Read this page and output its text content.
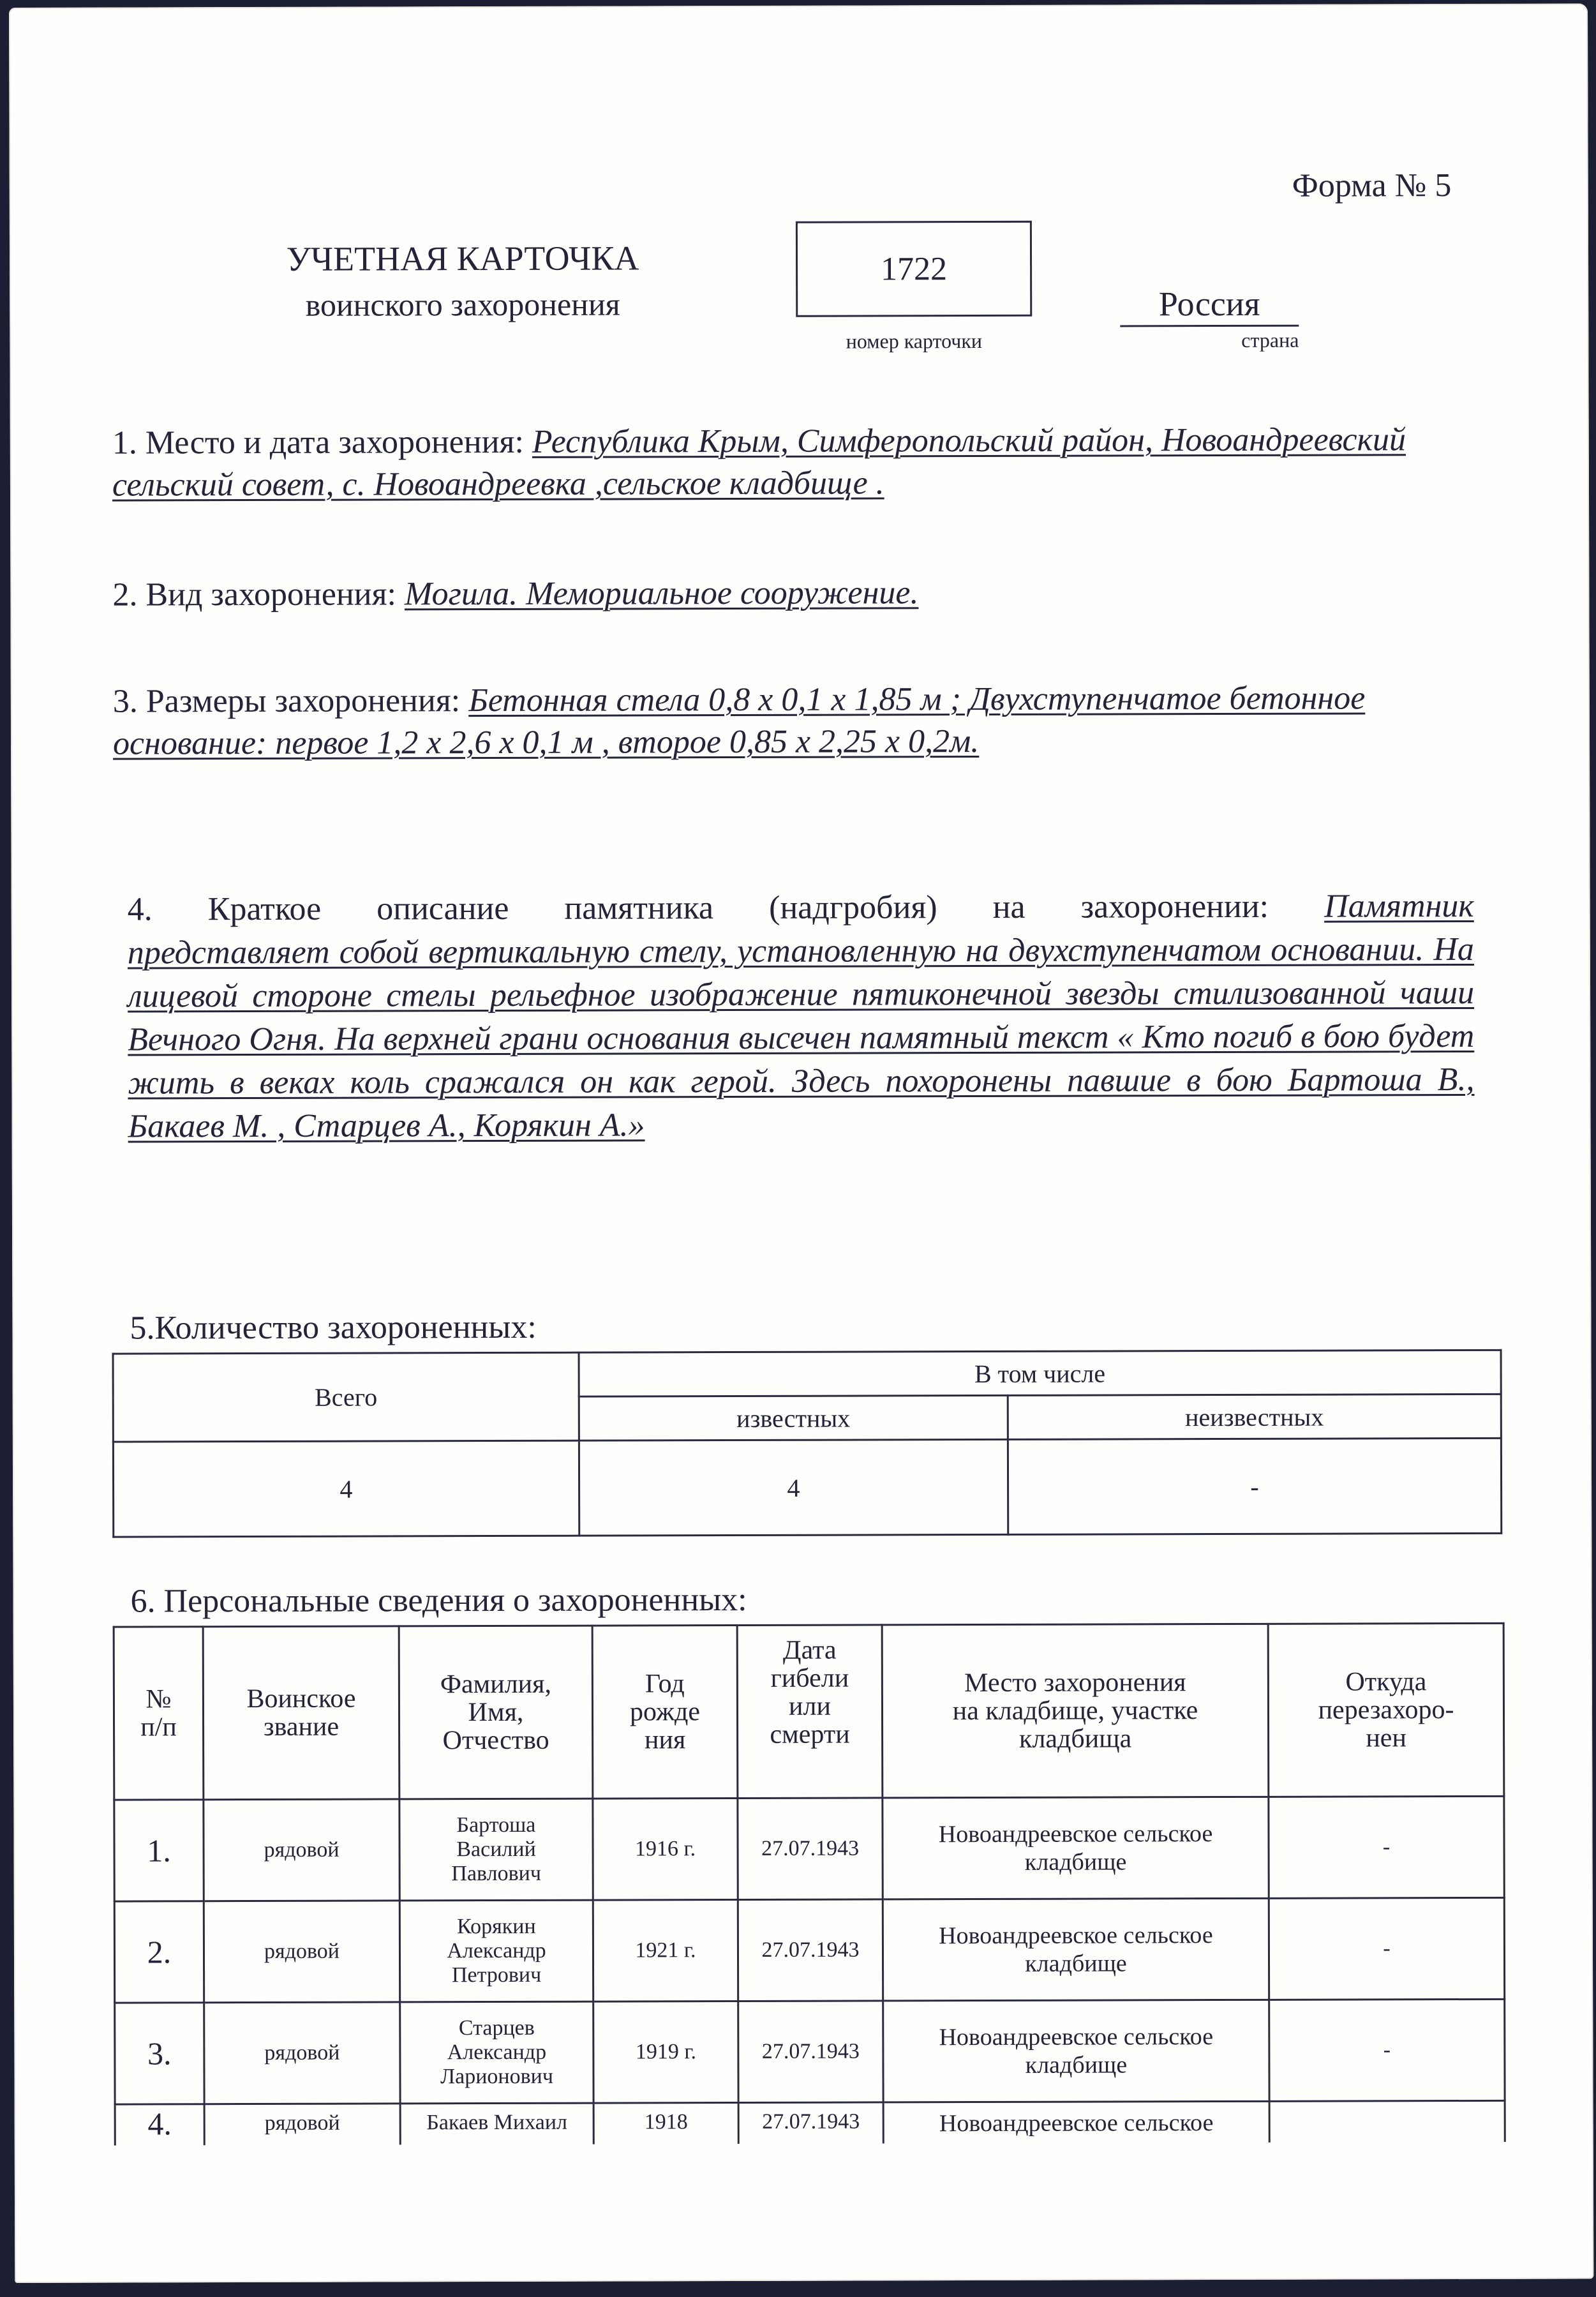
Форма № 5
УЧЕТНАЯ КАРТОЧКА
воинского захоронения
1722
номер карточки
Россия
страна
1. Место и дата захоронения: Республика Крым, Симферопольский район, Новоандреевский сельский совет, с. Новоандреевка ,сельское кладбище .
2. Вид захоронения: Могила. Мемориальное сооружение.
3. Размеры захоронения: Бетонная стела 0,8 х 0,1 х 1,85 м ; Двухступенчатое бетонное основание: первое 1,2 х 2,6 х 0,1 м , второе 0,85 х 2,25 х 0,2м.
4. Краткое описание памятника (надгробия) на захоронении: Памятник представляет собой вертикальную стелу, установленную на двухступенчатом основании. На лицевой стороне стелы рельефное изображение пятиконечной звезды стилизованной чаши Вечного Огня. На верхней грани основания высечен памятный текст « Кто погиб в бою будет жить в веках коль сражался он как герой. Здесь похоронены павшие в бою Бартоша В., Бакаев М. , Старцев А., Корякин А.»
5.Количество захороненных:
Всего	В том числе	
	известных	неизвестных
4	4	-
6. Персональные сведения о захороненных:
№
п/п	Воинское
звание	Фамилия,
Имя,
Отчество	Год
рожде
ния	Дата
гибели
или
смерти	Место захоронения
на кладбище, участке
кладбища	Откуда
перезахоро-
нен
1.	рядовой	Бартоша
Василий
Павлович	1916 г.	27.07.1943	Новоандреевское сельское
кладбище	-
2.	рядовой	Корякин
Александр
Петрович	1921 г.	27.07.1943	Новоандреевское сельское
кладбище	-
3.	рядовой	Старцев
Александр
Ларионович	1919 г.	27.07.1943	Новоандреевское сельское
кладбище	-
4.	рядовой	Бакаев Михаил	1918	27.07.1943	Новоандреевское сельское	
